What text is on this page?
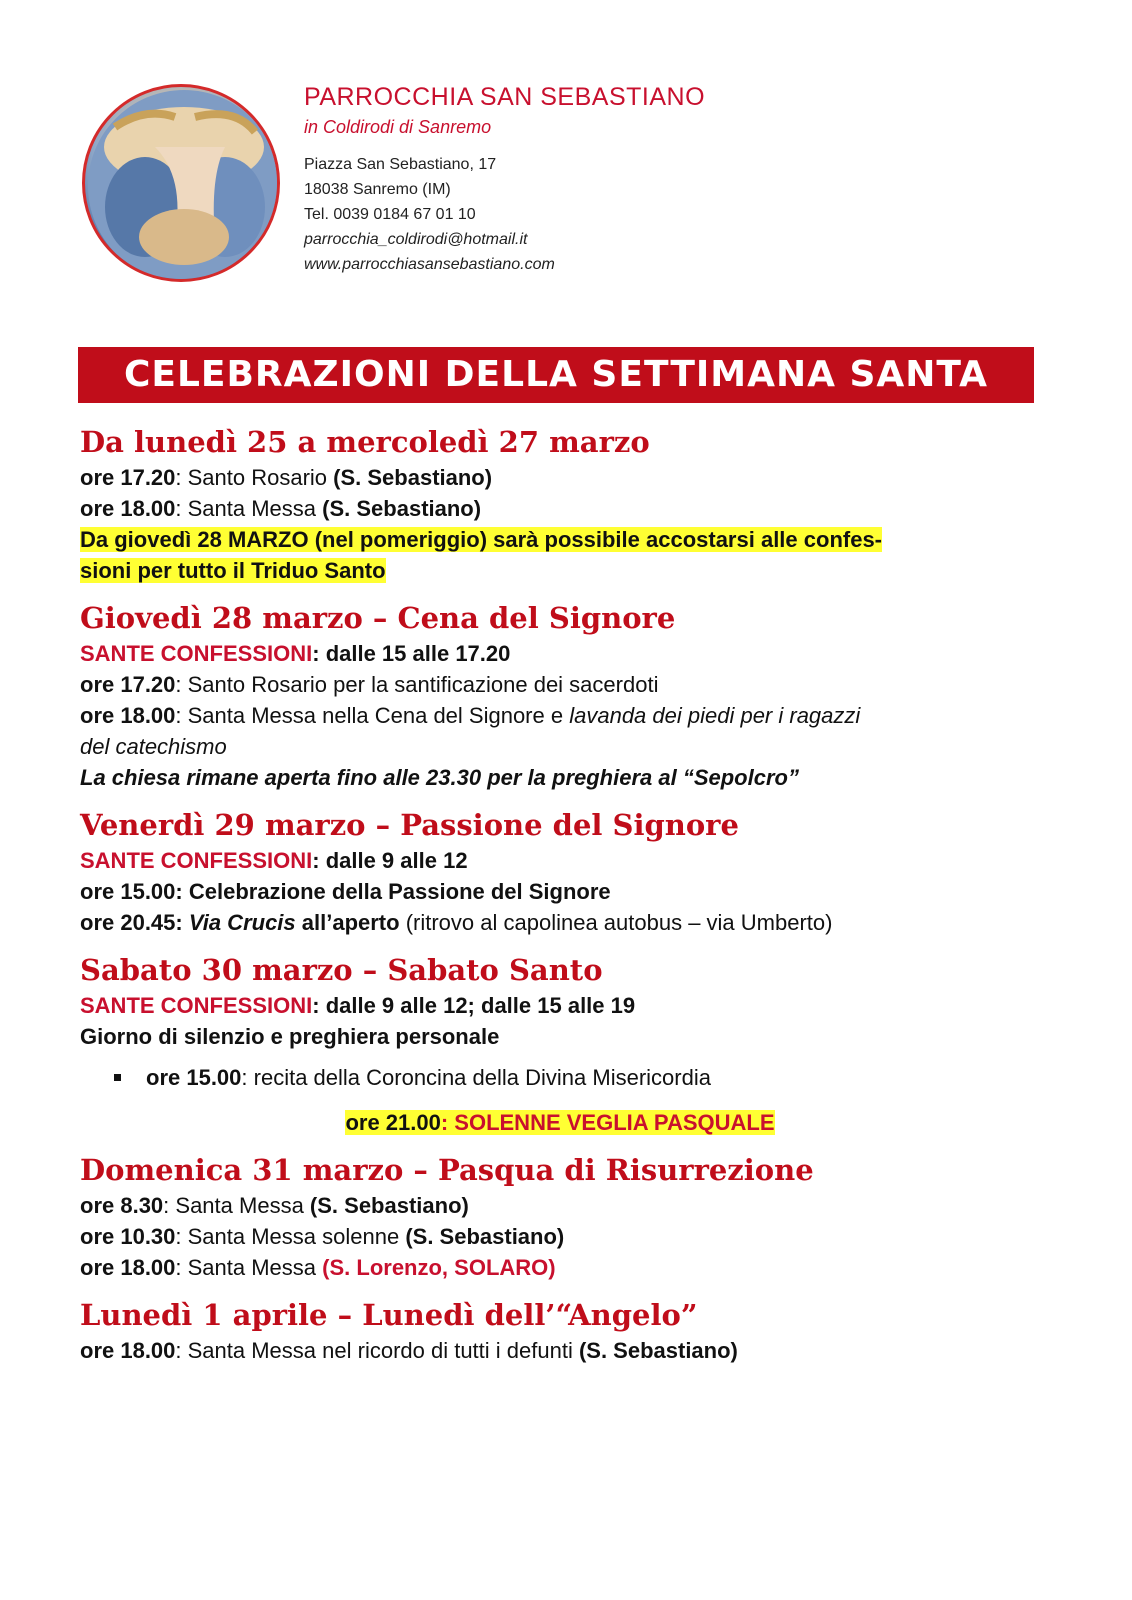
PARROCCHIA SAN SEBASTIANO

in Coldirodi di Sanremo

Piazza San Sebastiano, 17

18038 Sanremo (IM)

Tel. 0039 0184 67 01 10

parrocchia_coldirodi@hotmail.it

www.parrocchiasansebastiano.com

CELEBRAZIONI DELLA SETTIMANA SANTA

Da lunedì 25 a mercoledì 27 marzo

ore 17.20: Santo Rosario (S. Sebastiano)

ore 18.00: Santa Messa (S. Sebastiano)

Da giovedì 28 MARZO (nel pomeriggio) sarà possibile accostarsi alle confes-
sioni per tutto il Triduo Santo

Giovedì 28 marzo – Cena del Signore

SANTE CONFESSIONI: dalle 15 alle 17.20

ore 17.20: Santo Rosario per la santificazione dei sacerdoti

ore 18.00: Santa Messa nella Cena del Signore e lavanda dei piedi per i ragazzi
del catechismo

La chiesa rimane aperta fino alle 23.30 per la preghiera al “Sepolcro”

Venerdì 29 marzo – Passione del Signore

SANTE CONFESSIONI: dalle 9 alle 12

ore 15.00: Celebrazione della Passione del Signore

ore 20.45: Via Crucis all’aperto (ritrovo al capolinea autobus – via Umberto)

Sabato 30 marzo – Sabato Santo

SANTE CONFESSIONI: dalle 9 alle 12; dalle 15 alle 19

Giorno di silenzio e preghiera personale

ore 15.00: recita della Coroncina della Divina Misericordia

ore 21.00: SOLENNE VEGLIA PASQUALE

Domenica 31 marzo – Pasqua di Risurrezione

ore 8.30: Santa Messa (S. Sebastiano)

ore 10.30: Santa Messa solenne (S. Sebastiano)

ore 18.00: Santa Messa (S. Lorenzo, SOLARO)

Lunedì 1 aprile – Lunedì dell’“Angelo”

ore 18.00: Santa Messa nel ricordo di tutti i defunti (S. Sebastiano)
